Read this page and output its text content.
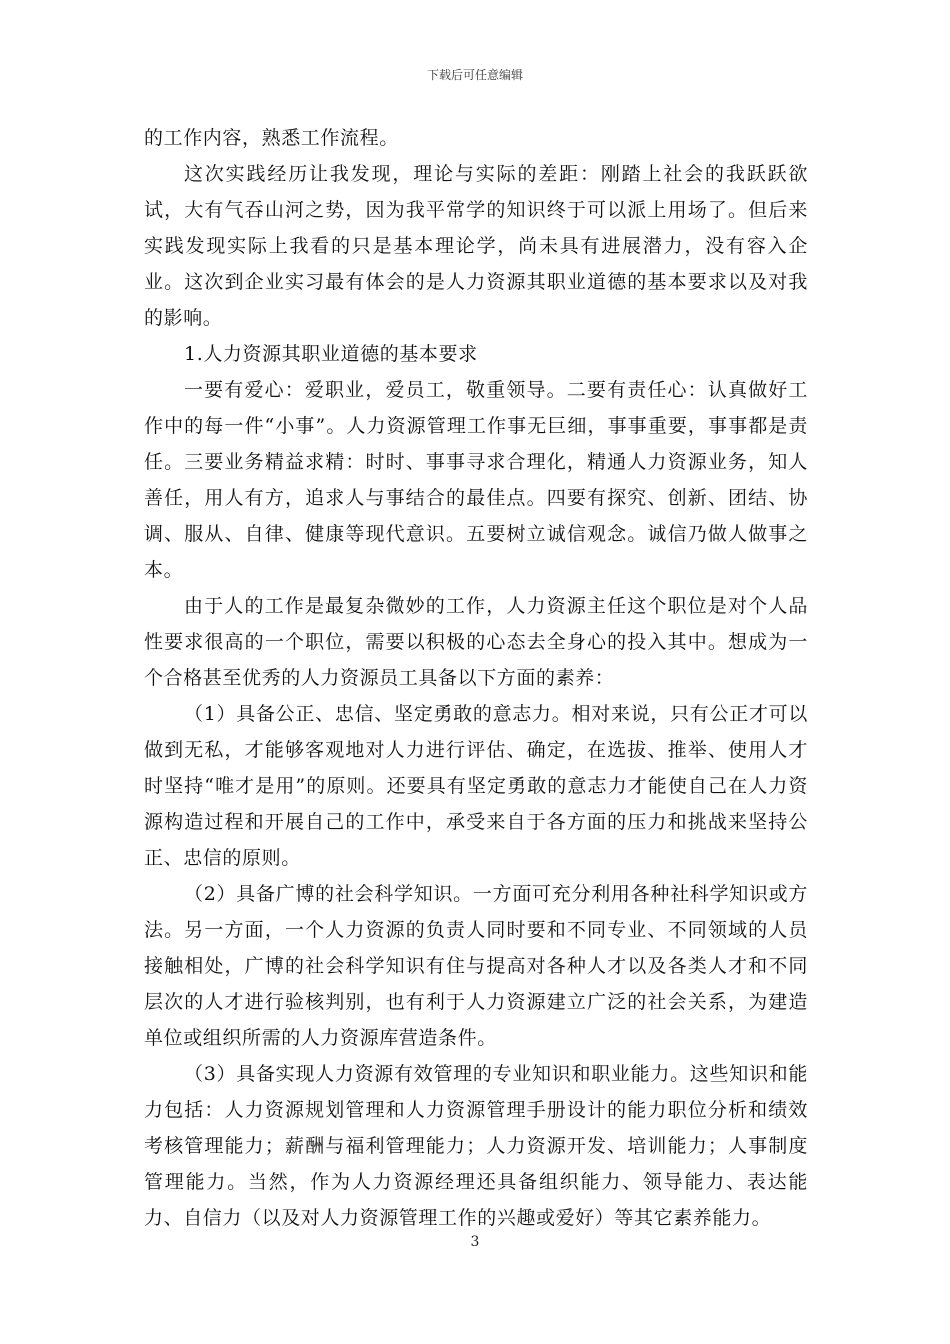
下载后可任意编辑

的工作内容，熟悉工作流程。

这次实践经历让我发现，理论与实际的差距：刚踏上社会的我跃跃欲试，大有气吞山河之势，因为我平常学的知识终于可以派上用场了。但后来实践发现实际上我看的只是基本理论学，尚未具有进展潜力，没有容入企业。这次到企业实习最有体会的是人力资源其职业道德的基本要求以及对我的影响。

1.人力资源其职业道德的基本要求

一要有爱心：爱职业，爱员工，敬重领导。二要有责任心：认真做好工作中的每一件“小事”。人力资源管理工作事无巨细，事事重要，事事都是责任。三要业务精益求精：时时、事事寻求合理化，精通人力资源业务，知人善任，用人有方，追求人与事结合的最佳点。四要有探究、创新、团结、协调、服从、自律、健康等现代意识。五要树立诚信观念。诚信乃做人做事之本。

由于人的工作是最复杂微妙的工作，人力资源主任这个职位是对个人品性要求很高的一个职位，需要以积极的心态去全身心的投入其中。想成为一个合格甚至优秀的人力资源员工具备以下方面的素养：

（1）具备公正、忠信、坚定勇敢的意志力。相对来说，只有公正才可以做到无私，才能够客观地对人力进行评估、确定，在选拔、推举、使用人才时坚持“唯才是用”的原则。还要具有坚定勇敢的意志力才能使自己在人力资源构造过程和开展自己的工作中，承受来自于各方面的压力和挑战来坚持公正、忠信的原则。

（2）具备广博的社会科学知识。一方面可充分利用各种社科学知识或方法。另一方面，一个人力资源的负责人同时要和不同专业、不同领域的人员接触相处，广博的社会科学知识有住与提高对各种人才以及各类人才和不同层次的人才进行验核判别，也有利于人力资源建立广泛的社会关系，为建造单位或组织所需的人力资源库营造条件。

（3）具备实现人力资源有效管理的专业知识和职业能力。这些知识和能力包括：人力资源规划管理和人力资源管理手册设计的能力职位分析和绩效考核管理能力；薪酬与福利管理能力；人力资源开发、培训能力；人事制度管理能力。当然，作为人力资源经理还具备组织能力、领导能力、表达能力、自信力（以及对人力资源管理工作的兴趣或爱好）等其它素养能力。

3
